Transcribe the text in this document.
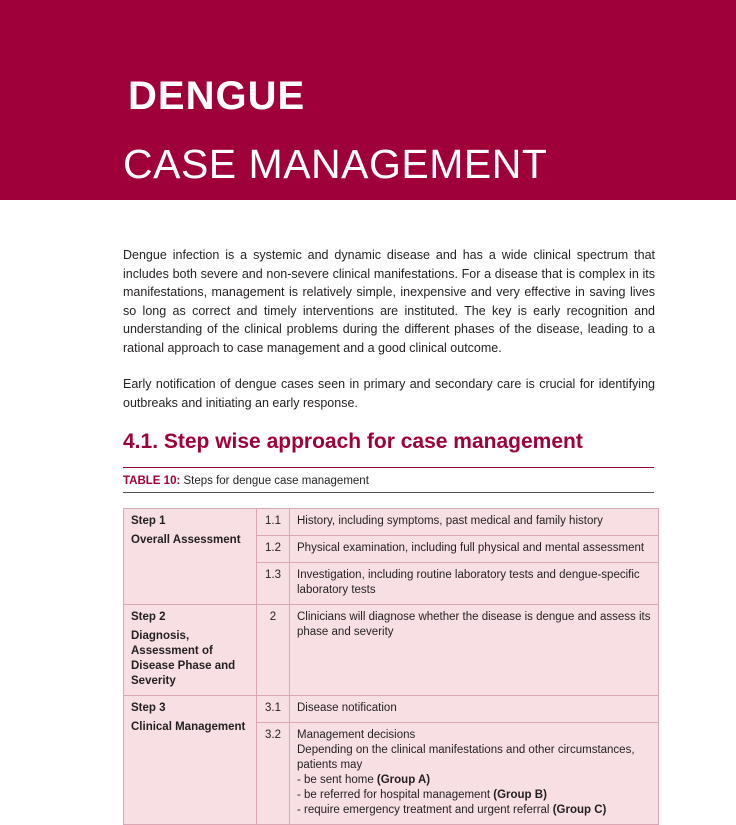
DENGUE
CASE MANAGEMENT

Dengue infection is a systemic and dynamic disease and has a wide clinical spectrum that includes both severe and non-severe clinical manifestations. For a disease that is complex in its manifestations, management is relatively simple, inexpensive and very effective in saving lives so long as correct and timely interventions are instituted. The key is early recognition and understanding of the clinical problems during the different phases of the disease, leading to a rational approach to case management and a good clinical outcome.

Early notification of dengue cases seen in primary and secondary care is crucial for identifying outbreaks and initiating an early response.

4.1. Step wise approach for case management
TABLE 10: Steps for dengue case management
Step 1
Overall Assessment	1.1	History, including symptoms, past medical and family history
	1.2	Physical examination, including full physical and mental assessment
	1.3	Investigation, including routine laboratory tests and dengue-specific laboratory tests

Step 2
Diagnosis, Assessment of Disease Phase and Severity	2	Clinicians will diagnose whether the disease is dengue and assess its phase and severity

Step 3
Clinical Management	3.1	Disease notification
	3.2	Management decisions
Depending on the clinical manifestations and other circumstances, patients may
- be sent home (Group A)
- be referred for hospital management (Group B)
- require emergency treatment and urgent referral (Group C)
